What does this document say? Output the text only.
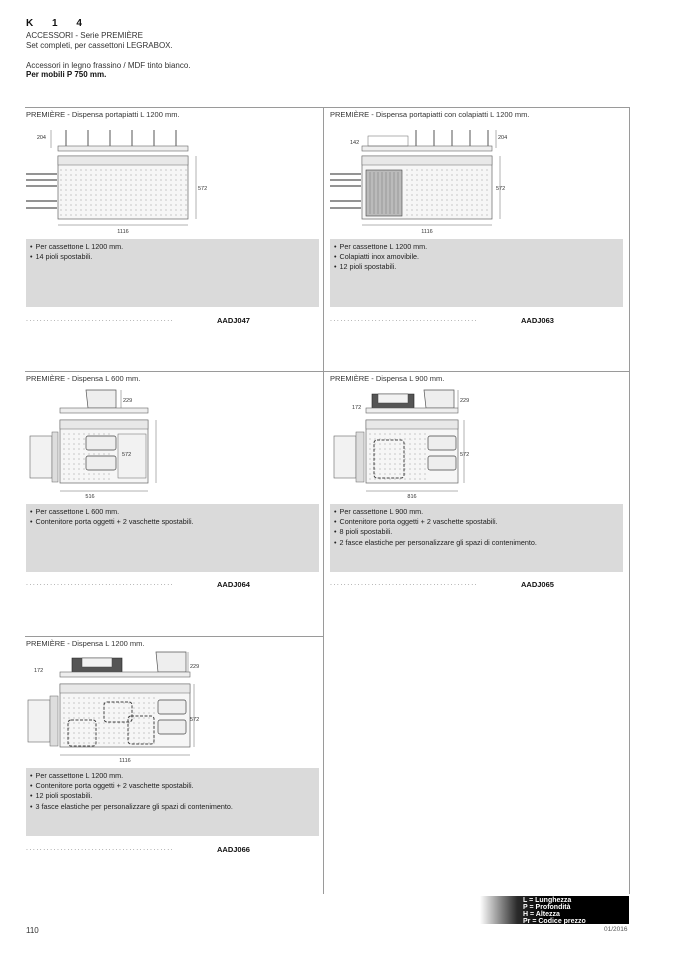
K 1 4
ACCESSORI - Serie PREMIÈRE
Set completi, per cassettoni LEGRABOX.
Accessori in legno frassino / MDF tinto bianco.
Per mobili P 750 mm.
PREMIÈRE - Dispensa portapiatti L 1200 mm.
204
572
1116
• Per cassettone L 1200 mm.
• 14 pioli spostabili.
...........................................	AADJ047
PREMIÈRE - Dispensa portapiatti con colapiatti L 1200 mm.
142
204
572
1116
• Per cassettone L 1200 mm.
• Colapiatti inox amovibile.
• 12 pioli spostabili.
...........................................	AADJ063
PREMIÈRE - Dispensa L 600 mm.
229
572
516
• Per cassettone L 600 mm.
• Contenitore porta oggetti + 2 vaschette spostabili.
...........................................	AADJ064
PREMIÈRE - Dispensa L 900 mm.
172
229
572
816
• Per cassettone L 900 mm.
• Contenitore porta oggetti + 2 vaschette spostabili.
• 8 pioli spostabili.
• 2 fasce elastiche per personalizzare gli spazi di contenimento.
...........................................	AADJ065
PREMIÈRE - Dispensa L 1200 mm.
172
229
572
1116
• Per cassettone L 1200 mm.
• Contenitore porta oggetti + 2 vaschette spostabili.
• 12 pioli spostabili.
• 3 fasce elastiche per personalizzare gli spazi di contenimento.
...........................................	AADJ066
L = Lunghezza
P = Profondità
H = Altezza
Pr = Codice prezzo
110	01/2016
